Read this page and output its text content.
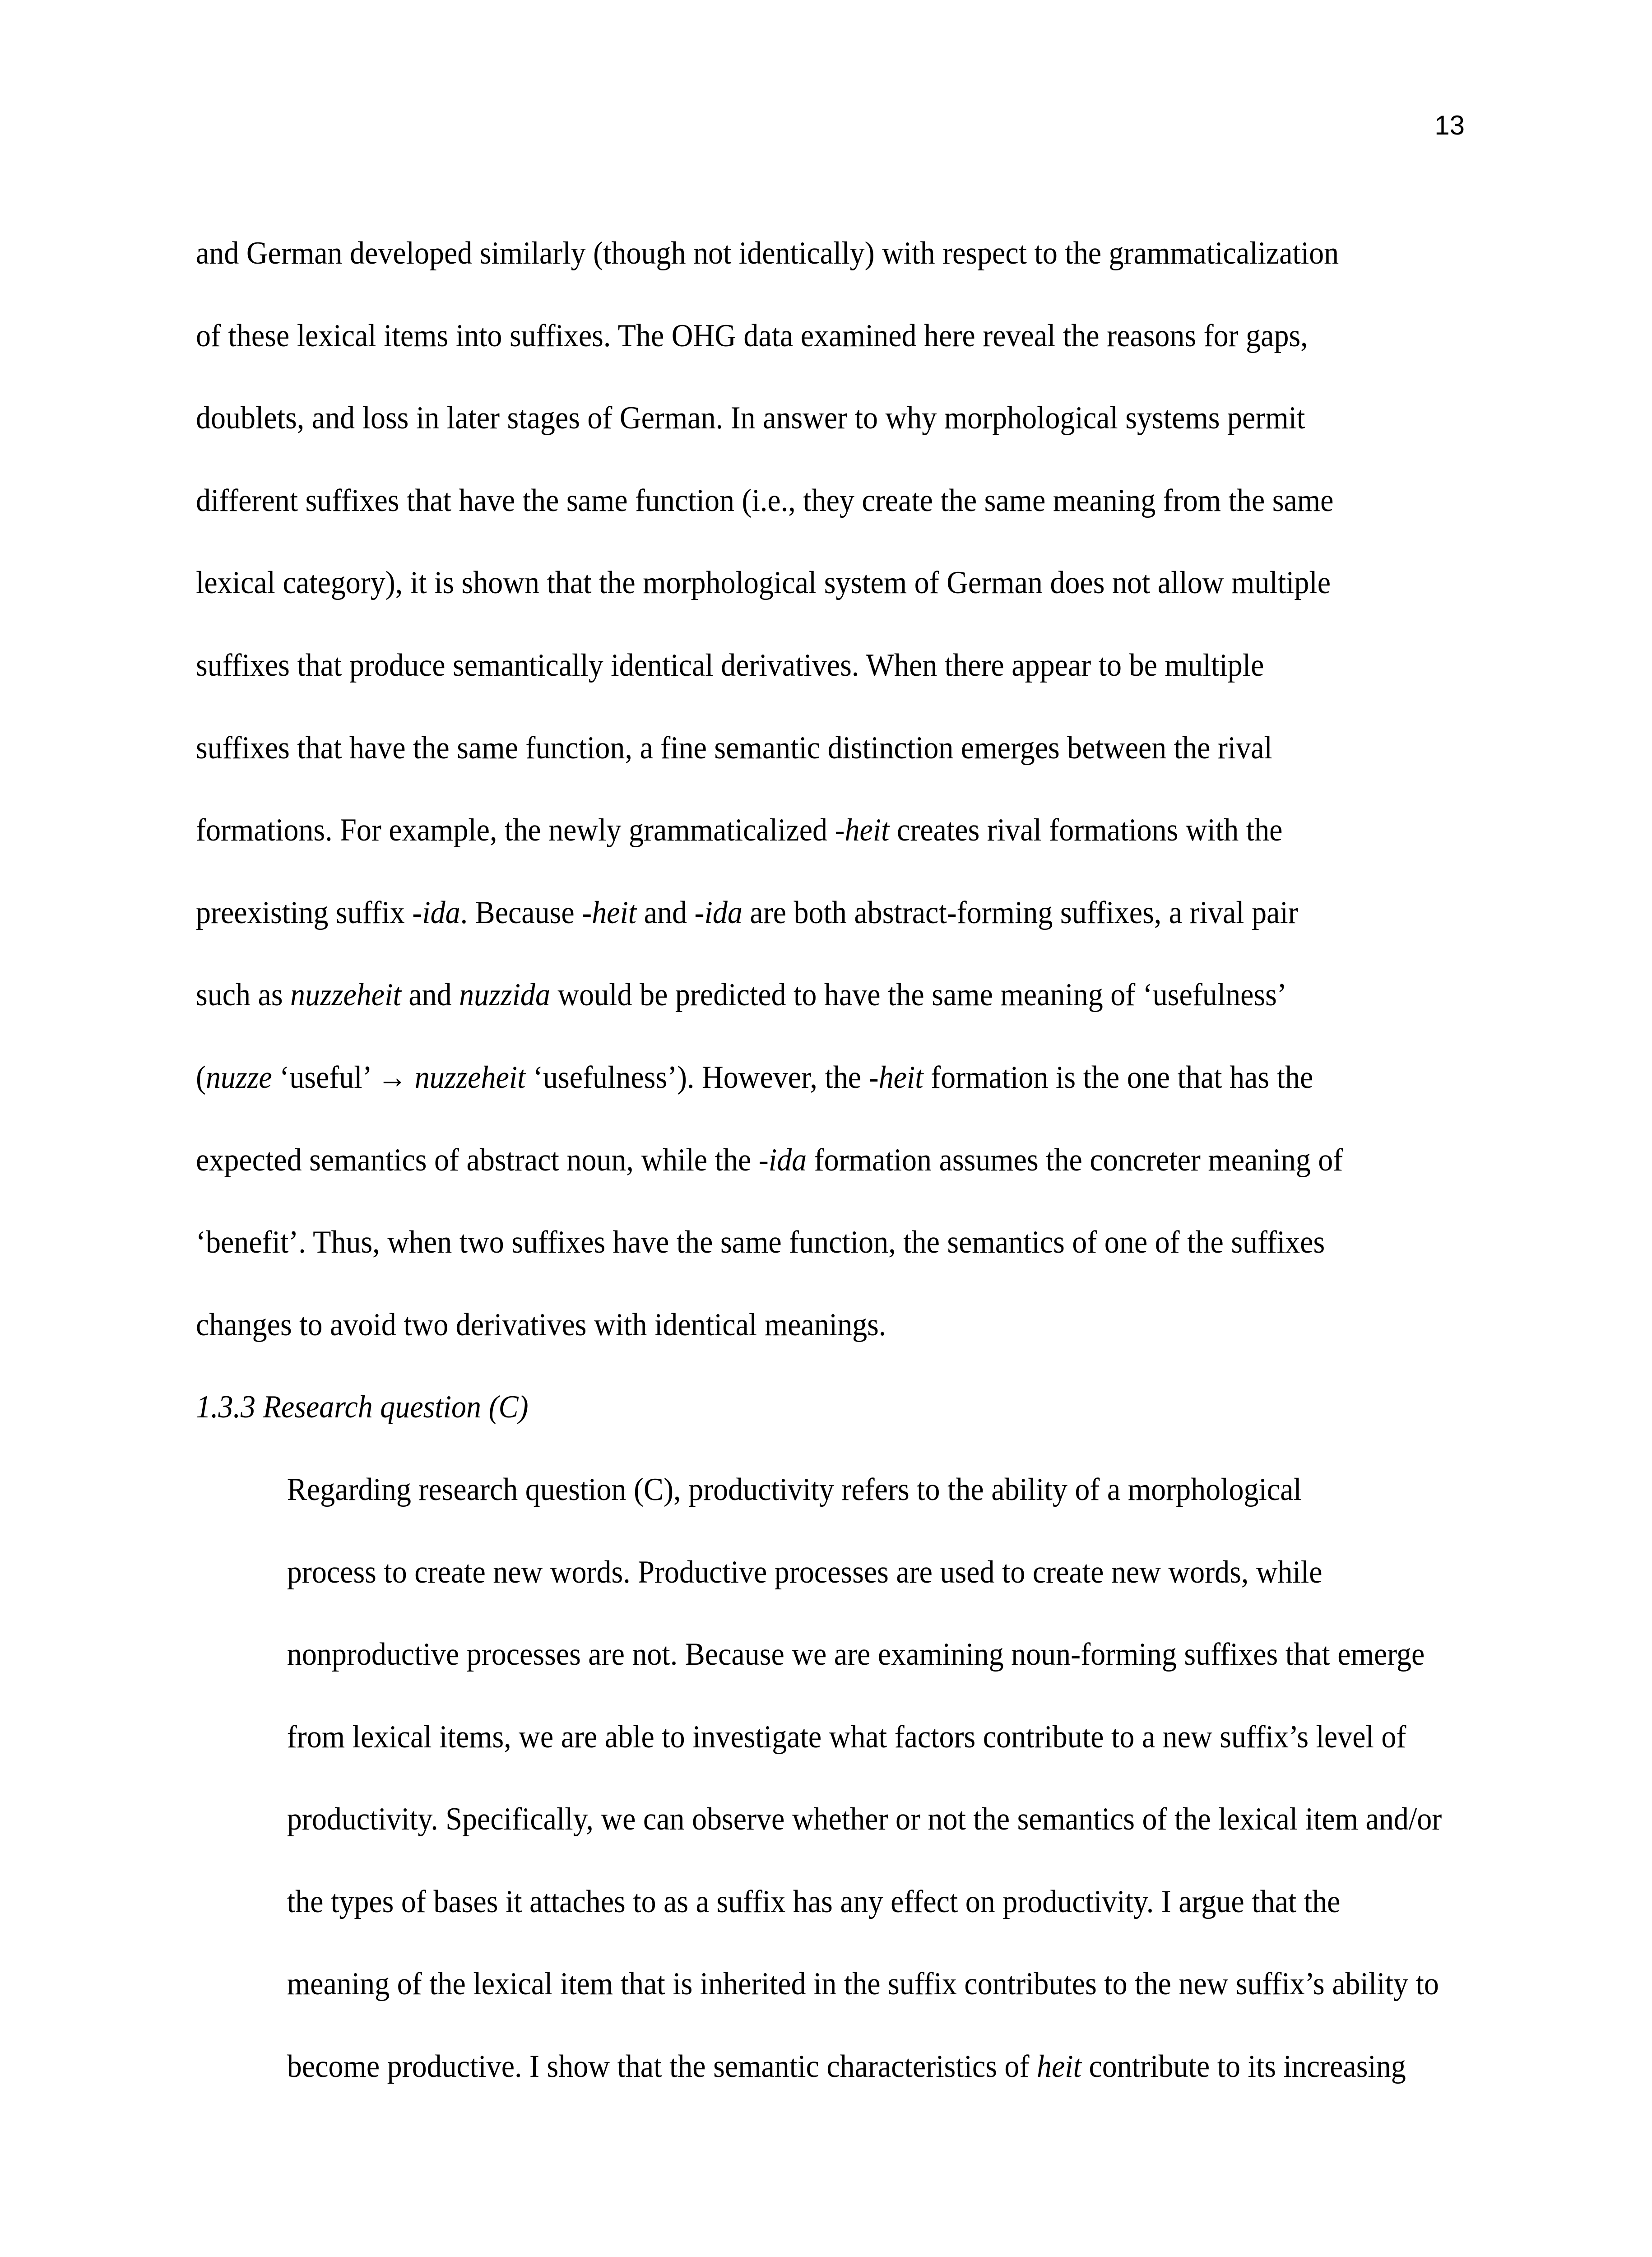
13

and German developed similarly (though not identically) with respect to the grammaticalization
of these lexical items into suffixes. The OHG data examined here reveal the reasons for gaps,
doublets, and loss in later stages of German. In answer to why morphological systems permit
different suffixes that have the same function (i.e., they create the same meaning from the same
lexical category), it is shown that the morphological system of German does not allow multiple
suffixes that produce semantically identical derivatives. When there appear to be multiple
suffixes that have the same function, a fine semantic distinction emerges between the rival
formations. For example, the newly grammaticalized -heit creates rival formations with the
preexisting suffix -ida. Because -heit and -ida are both abstract-forming suffixes, a rival pair
such as nuzzeheit and nuzzida would be predicted to have the same meaning of ‘usefulness’
(nuzze ‘useful’ → nuzzeheit ‘usefulness’). However, the -heit formation is the one that has the
expected semantics of abstract noun, while the -ida formation assumes the concreter meaning of
‘benefit’. Thus, when two suffixes have the same function, the semantics of one of the suffixes
changes to avoid two derivatives with identical meanings.

1.3.3 Research question (C)

Regarding research question (C), productivity refers to the ability of a morphological
process to create new words. Productive processes are used to create new words, while
nonproductive processes are not. Because we are examining noun-forming suffixes that emerge
from lexical items, we are able to investigate what factors contribute to a new suffix’s level of
productivity. Specifically, we can observe whether or not the semantics of the lexical item and/or
the types of bases it attaches to as a suffix has any effect on productivity. I argue that the
meaning of the lexical item that is inherited in the suffix contributes to the new suffix’s ability to
become productive. I show that the semantic characteristics of heit contribute to its increasing
